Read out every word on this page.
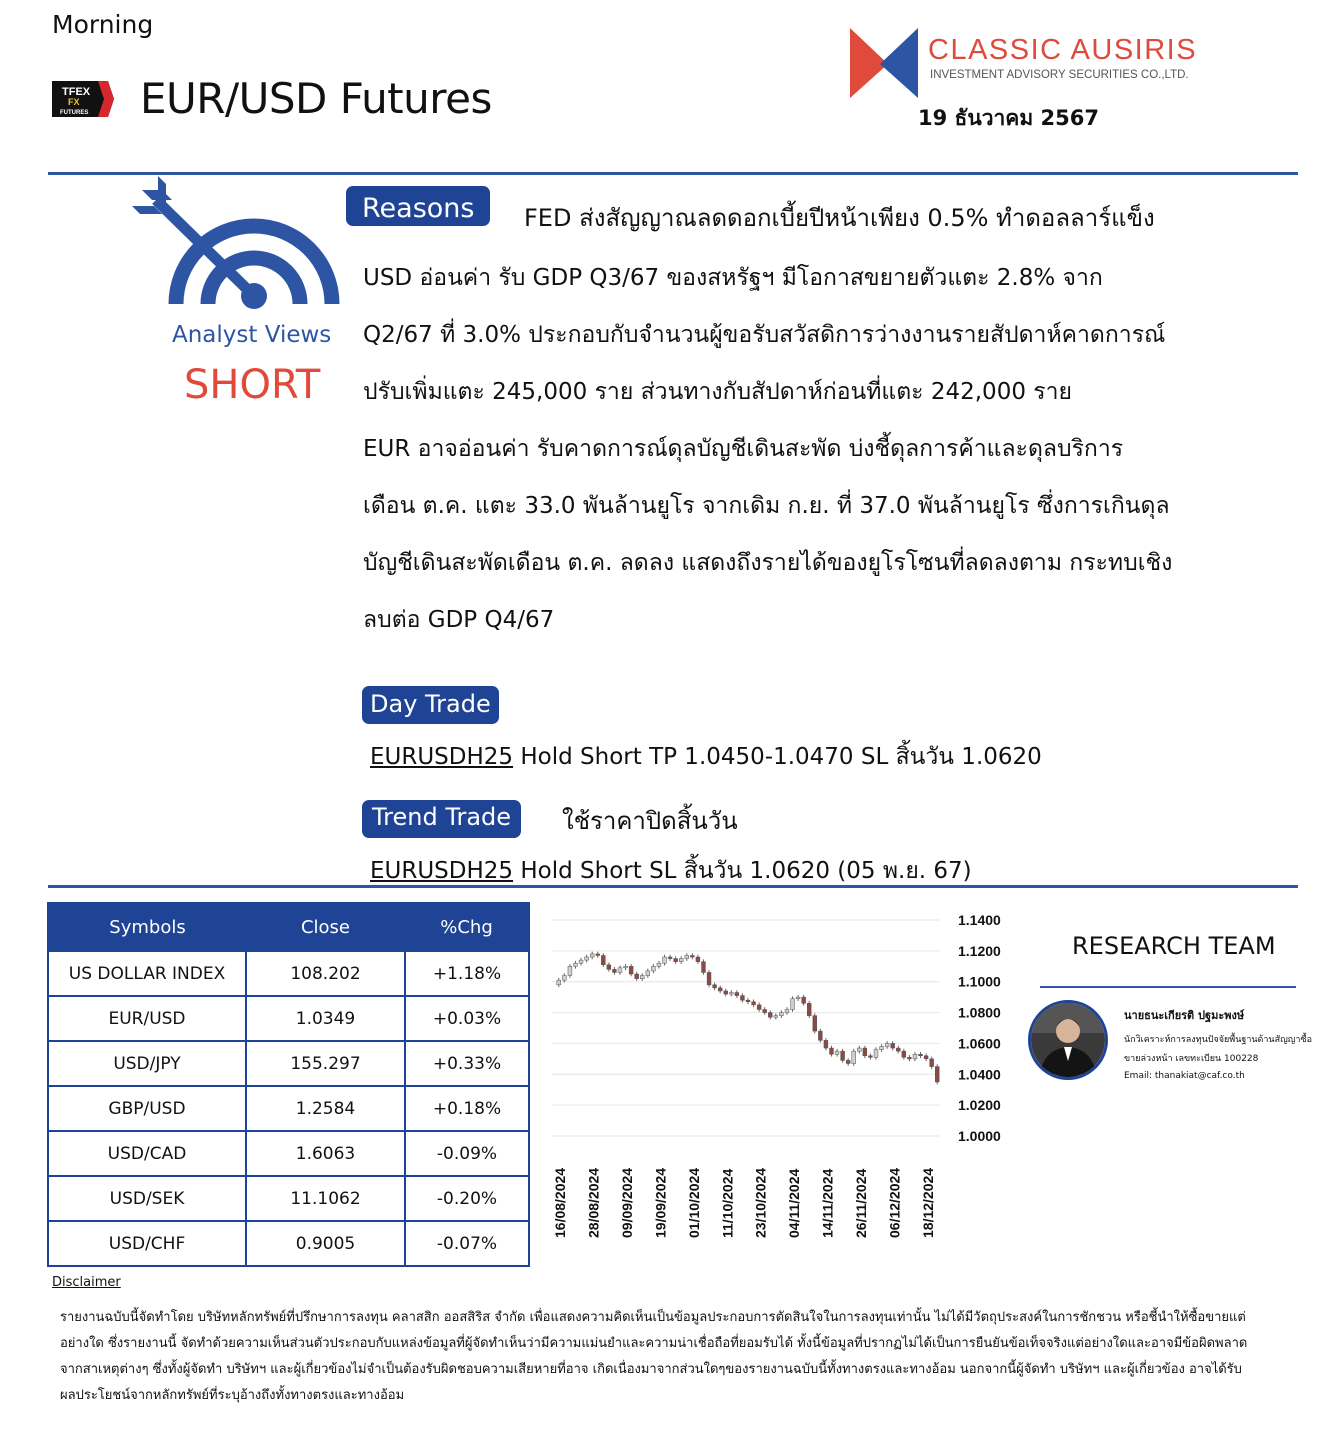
Morning
TFEX
FX
FUTURES EUR/USD Futures
CLASSIC AUSIRIS
INVESTMENT ADVISORY SECURITIES CO.,LTD.
19 ธันวาคม 2567
Analyst Views
SHORT
Reasons	FED ส่งสัญญาณลดดอกเบี้ยปีหน้าเพียง 0.5% ทำดอลลาร์แข็ง

USD อ่อนค่า รับ GDP Q3/67 ของสหรัฐฯ มีโอกาสขยายตัวแตะ 2.8% จาก

Q2/67 ที่ 3.0% ประกอบกับจำนวนผู้ขอรับสวัสดิการว่างงานรายสัปดาห์คาดการณ์

ปรับเพิ่มแตะ 245,000 ราย ส่วนทางกับสัปดาห์ก่อนที่แตะ 242,000 ราย

EUR อาจอ่อนค่า รับคาดการณ์ดุลบัญชีเดินสะพัด บ่งชี้ดุลการค้าและดุลบริการ

เดือน ต.ค. แตะ 33.0 พันล้านยูโร จากเดิม ก.ย. ที่ 37.0 พันล้านยูโร ซึ่งการเกินดุล

บัญชีเดินสะพัดเดือน ต.ค. ลดลง แสดงถึงรายได้ของยูโรโซนที่ลดลงตาม กระทบเชิง

ลบต่อ GDP Q4/67

Day Trade
EURUSDH25 Hold Short TP 1.0450-1.0470 SL สิ้นวัน 1.0620
Trend Trade	ใช้ราคาปิดสิ้นวัน
EURUSDH25 Hold Short SL สิ้นวัน 1.0620 (05 พ.ย. 67)
Symbols	Close	%Chg
US DOLLAR INDEX	108.202	+1.18%
EUR/USD	1.0349	+0.03%
USD/JPY	155.297	+0.33%
GBP/USD	1.2584	+0.18%
USD/CAD	1.6063	-0.09%
USD/SEK	11.1062	-0.20%
USD/CHF	0.9005	-0.07%
1.1400
1.1200
1.1000
1.0800
1.0600
1.0400
1.0200
1.0000
16/08/2024 28/08/2024 09/09/2024 19/09/2024 01/10/2024 11/10/2024 23/10/2024 04/11/2024 14/11/2024 26/11/2024 06/12/2024 18/12/2024
RESEARCH TEAM
นายธนะเกียรติ ปฐมะพงษ์
นักวิเคราะห์การลงทุนปัจจัยพื้นฐานด้านสัญญาซื้อ
ขายล่วงหน้า เลขทะเบียน 100228
Email: thanakiat@caf.co.th
Disclaimer

รายงานฉบับนี้จัดทำโดย บริษัทหลักทรัพย์ที่ปรึกษาการลงทุน คลาสสิก ออสสิริส จำกัด เพื่อแสดงความคิดเห็นเป็นข้อมูลประกอบการตัดสินใจในการลงทุนเท่านั้น ไม่ได้มีวัตถุประสงค์ในการชักชวน หรือชี้นำให้ซื้อขายแต่

อย่างใด ซึ่งรายงานนี้ จัดทำด้วยความเห็นส่วนตัวประกอบกับแหล่งข้อมูลที่ผู้จัดทำเห็นว่ามีความแม่นยำและความน่าเชื่อถือที่ยอมรับได้ ทั้งนี้ข้อมูลที่ปรากฏไม่ได้เป็นการยืนยันข้อเท็จจริงแต่อย่างใดและอาจมีข้อผิดพลาด

จากสาเหตุต่างๆ ซึ่งทั้งผู้จัดทำ บริษัทฯ และผู้เกี่ยวข้องไม่จำเป็นต้องรับผิดชอบความเสียหายที่อาจ เกิดเนื่องมาจากส่วนใดๆของรายงานฉบับนี้ทั้งทางตรงและทางอ้อม นอกจากนี้ผู้จัดทำ บริษัทฯ และผู้เกี่ยวข้อง อาจได้รับ

ผลประโยชน์จากหลักทรัพย์ที่ระบุอ้างถึงทั้งทางตรงและทางอ้อม
